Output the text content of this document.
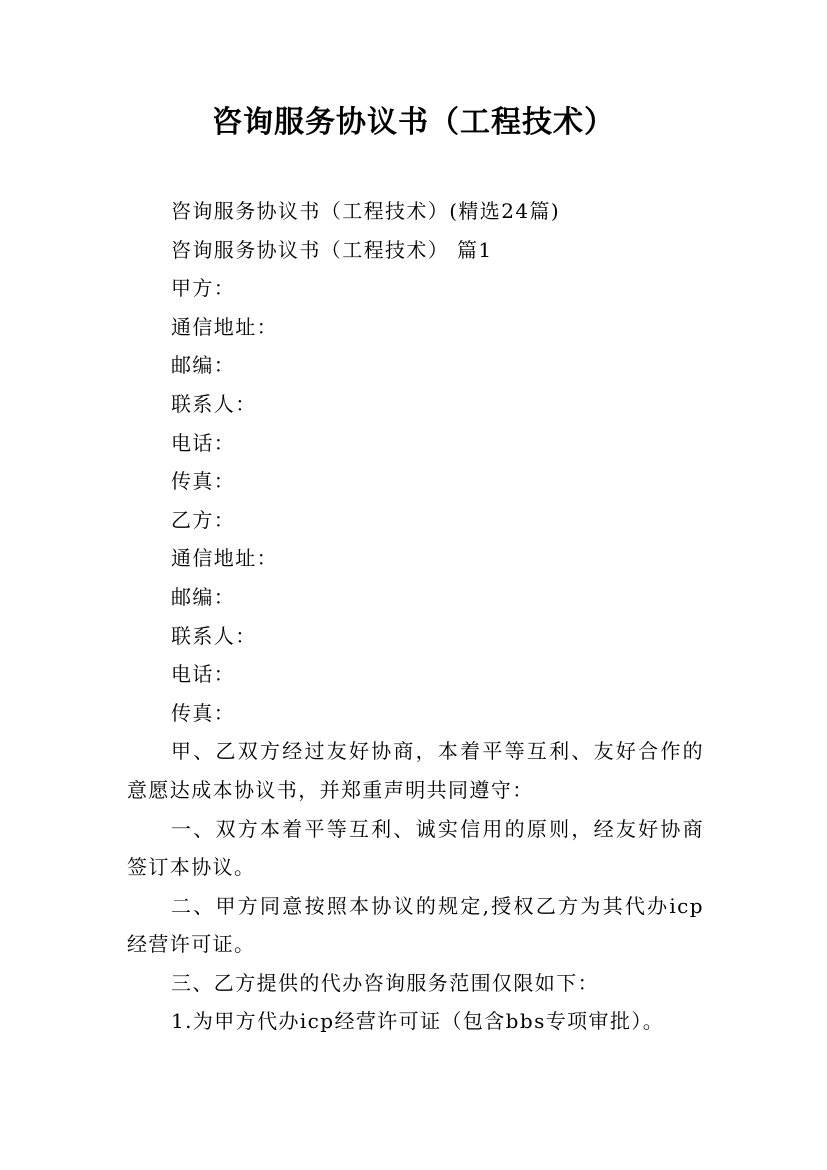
咨询服务协议书（工程技术）
咨询服务协议书（工程技术）(精选24篇)
咨询服务协议书（工程技术） 篇1
甲方：
通信地址：
邮编：
联系人：
电话：
传真：
乙方：
通信地址：
邮编：
联系人：
电话：
传真：
甲、乙双方经过友好协商，本着平等互利、友好合作的意愿达成本协议书，并郑重声明共同遵守：
一、双方本着平等互利、诚实信用的原则，经友好协商签订本协议。
二、甲方同意按照本协议的规定,授权乙方为其代办icp经营许可证。
三、乙方提供的代办咨询服务范围仅限如下：
1.为甲方代办icp经营许可证（包含bbs专项审批）。
